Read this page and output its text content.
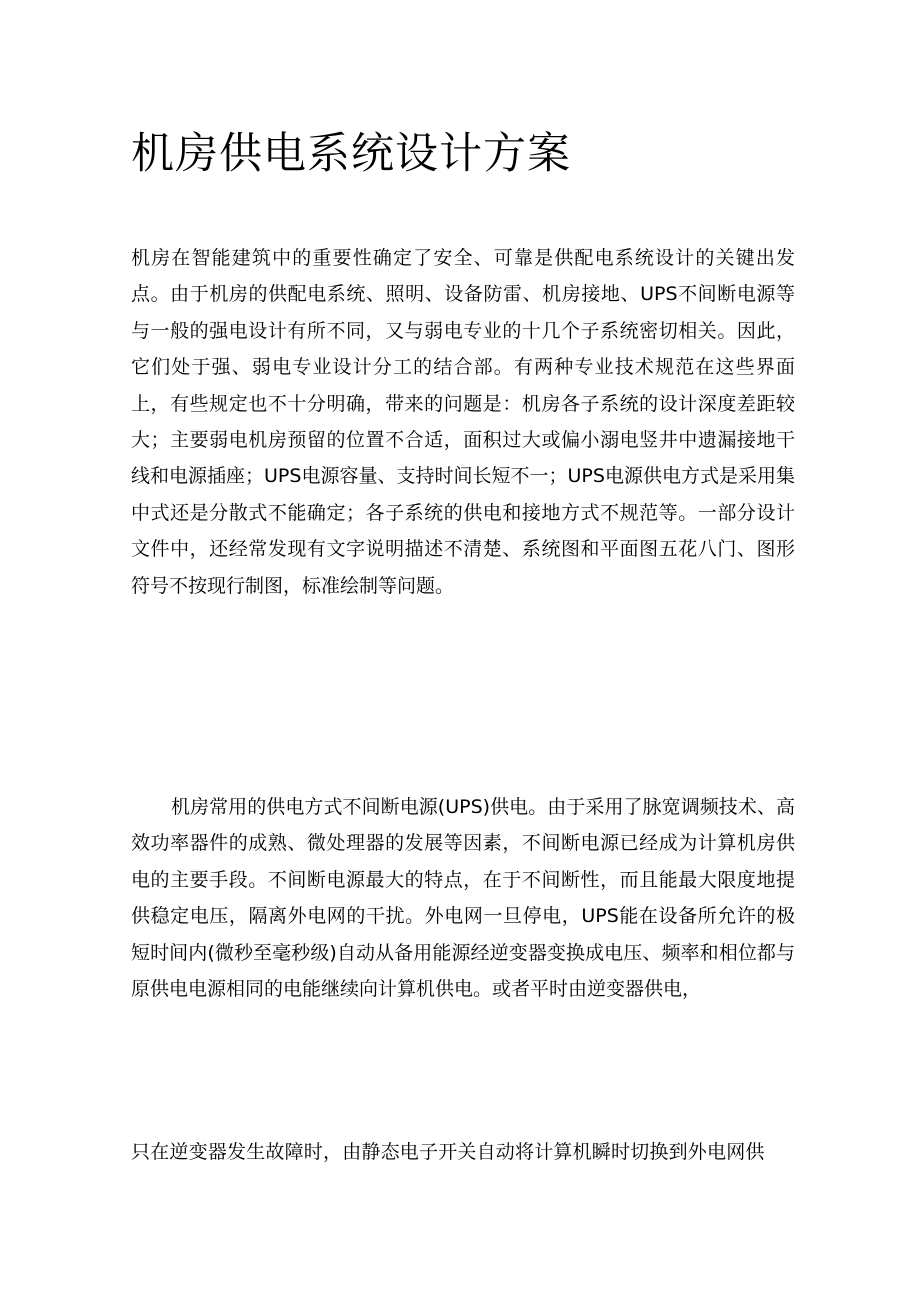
机房供电系统设计方案

机房在智能建筑中的重要性确定了安全、可靠是供配电系统设计的关键出发点。由于机房的供配电系统、照明、设备防雷、机房接地、UPS不间断电源等与一般的强电设计有所不同，又与弱电专业的十几个子系统密切相关。因此，它们处于强、弱电专业设计分工的结合部。有两种专业技术规范在这些界面上，有些规定也不十分明确，带来的问题是：机房各子系统的设计深度差距较大；主要弱电机房预留的位置不合适，面积过大或偏小溺电竖井中遗漏接地干线和电源插座；UPS电源容量、支持时间长短不一；UPS电源供电方式是采用集中式还是分散式不能确定；各子系统的供电和接地方式不规范等。一部分设计文件中，还经常发现有文字说明描述不清楚、系统图和平面图五花八门、图形符号不按现行制图，标准绘制等问题。

机房常用的供电方式不间断电源(UPS)供电。由于采用了脉宽调频技术、高效功率器件的成熟、微处理器的发展等因素，不间断电源已经成为计算机房供电的主要手段。不间断电源最大的特点，在于不间断性，而且能最大限度地提供稳定电压，隔离外电网的干扰。外电网一旦停电，UPS能在设备所允许的极短时间内(微秒至毫秒级)自动从备用能源经逆变器变换成电压、频率和相位都与原供电电源相同的电能继续向计算机供电。或者平时由逆变器供电，

只在逆变器发生故障时，由静态电子开关自动将计算机瞬时切换到外电网供
